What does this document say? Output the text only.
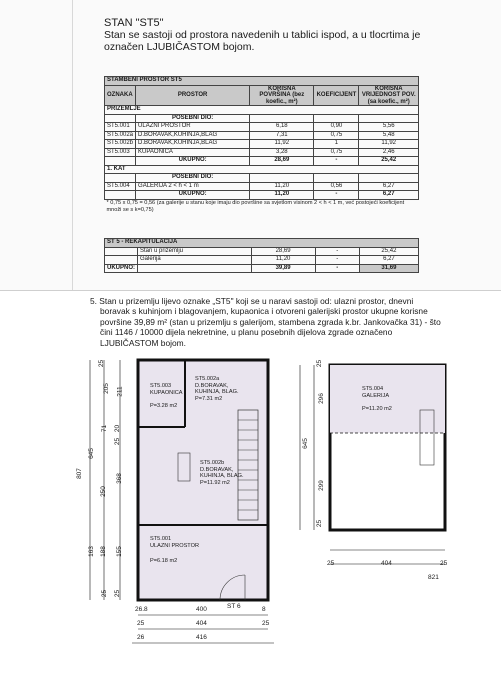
STAN "ST5"
Stan se sastoji od prostora navedenih u tablici ispod, a u tlocrtima je
označen LJUBIČASTOM bojom.
STAMBENI PROSTOR ST5				
OZNAKA	PROSTOR	KORISNA POVRŠINA (bez koefic., m²)	KOEFICIJENT	KORISNA VRIJEDNOST POV. (sa koefic., m²)
PRIZEMLJE				
	POSEBNI DIO:			
ST5.001	ULAZNI PROSTOR	6,18	0,90	5,56
ST5.002a	D.BORAVAK,KUHINJA,BLAG	7,31	0,75	5,48
ST5.002b	D.BORAVAK,KUHINJA,BLAG	11,92	1	11,92
ST5.003	KUPAONICA	3,28	0,75	2,46
	UKUPNO:	28,69	-	25,42
1. KAT				
	POSEBNI DIO:			
ST5.004	GALERIJA 2 < h < 1 m	11,20	0,56	6,27
	UKUPNO:	11,20	-	6,27
* 0,75 x 0,75 = 0,56 (za galerije u stanu koje imaju dio površine sa svjetlom visinom 2 < h < 1 m, već postojeći koeficijent množi se s k=0,75)				
ST 5 - REKAPITULACIJA				
	Stan u prizemlju	28,69	-	25,42
	Galerija	11,20	-	6,27
UKUPNO:		39,89	-	31,69
5. Stan u prizemlju lijevo oznake „ST5" koji se u naravi sastoji od: ulazni prostor, dnevni
boravak s kuhinjom i blagovanjem, kupaonica i otvoreni galerijski prostor ukupne korisne
površine 39,89 m² (stan u prizemlju s galerijom, stambena zgrada k.br. Jankovačka 31) - što
čini 1146 / 10000 dijela nekretnine, u planu posebnih dijelova zgrade označeno
LJUBIČASTOM bojom.
ST5.003
KUPAONICA
P=3.28 m2
ST5.002a
D.BORAVAK,
KUHINJA, BLAG.
P=7.31 m2
ST5.002b
D.BORAVAK,
KUHINJA, BLAG.
P=11.92 m2
ST5.001
ULAZNI PROSTOR
P=6.18 m2
ST 6
807
645
25
205 211
71 20
25
250
368
163 188 155
25 25
26.8	400	8
25	404	25
26	416
ST5.004
GALERIJA
P=11.20 m2
25
296
645
299
25
25	404	25
821
